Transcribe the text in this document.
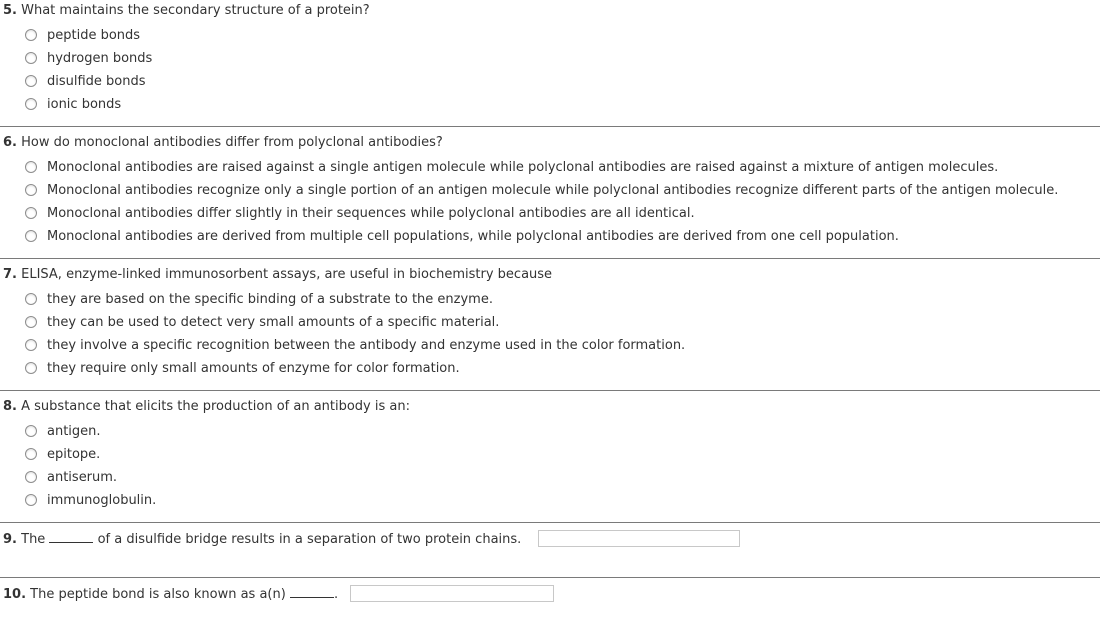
5. What maintains the secondary structure of a protein?
peptide bonds
hydrogen bonds
disulfide bonds
ionic bonds
6. How do monoclonal antibodies differ from polyclonal antibodies?
Monoclonal antibodies are raised against a single antigen molecule while polyclonal antibodies are raised against a mixture of antigen molecules.
Monoclonal antibodies recognize only a single portion of an antigen molecule while polyclonal antibodies recognize different parts of the antigen molecule.
Monoclonal antibodies differ slightly in their sequences while polyclonal antibodies are all identical.
Monoclonal antibodies are derived from multiple cell populations, while polyclonal antibodies are derived from one cell population.
7. ELISA, enzyme-linked immunosorbent assays, are useful in biochemistry because
they are based on the specific binding of a substrate to the enzyme.
they can be used to detect very small amounts of a specific material.
they involve a specific recognition between the antibody and enzyme used in the color formation.
they require only small amounts of enzyme for color formation.
8. A substance that elicits the production of an antibody is an:
antigen.
epitope.
antiserum.
immunoglobulin.
9. The	of a disulfide bridge results in a separation of two protein chains.
10. The peptide bond is also known as a(n)	.
